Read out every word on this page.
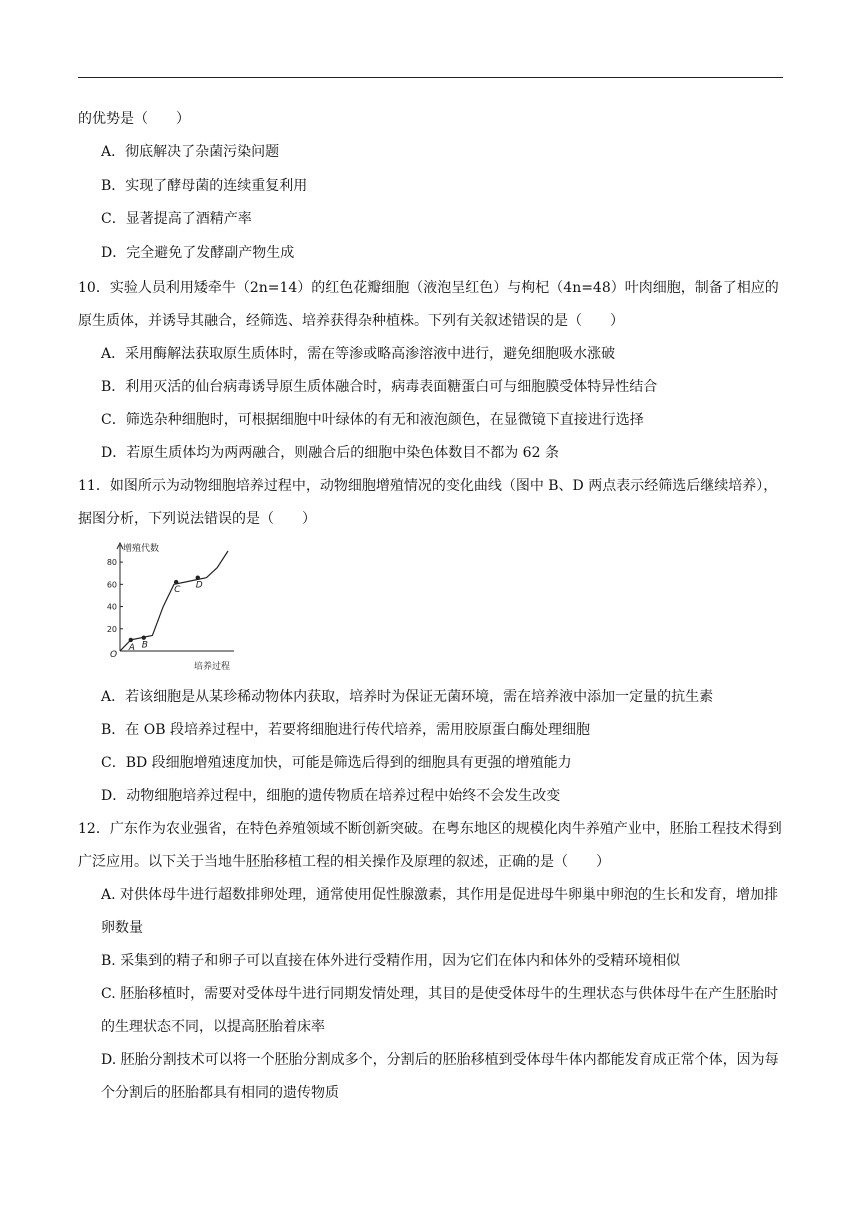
的优势是（　　）
A．彻底解决了杂菌污染问题
B．实现了酵母菌的连续重复利用
C．显著提高了酒精产率
D．完全避免了发酵副产物生成
10．实验人员利用矮牵牛（2n=14）的红色花瓣细胞（液泡呈红色）与枸杞（4n=48）叶肉细胞，制备了相应的原生质体，并诱导其融合，经筛选、培养获得杂种植株。下列有关叙述错误的是（　　）
A．采用酶解法获取原生质体时，需在等渗或略高渗溶液中进行，避免细胞吸水涨破
B．利用灭活的仙台病毒诱导原生质体融合时，病毒表面糖蛋白可与细胞膜受体特异性结合
C．筛选杂种细胞时，可根据细胞中叶绿体的有无和液泡颜色，在显微镜下直接进行选择
D．若原生质体均为两两融合，则融合后的细胞中染色体数目不都为 62 条
11．如图所示为动物细胞培养过程中，动物细胞增殖情况的变化曲线（图中 B、D 两点表示经筛选后继续培养），据图分析，下列说法错误的是（　　）
20
40
60
80
A B
C D
增殖代数
培养过程
O
A．若该细胞是从某珍稀动物体内获取，培养时为保证无菌环境，需在培养液中添加一定量的抗生素
B．在 OB 段培养过程中，若要将细胞进行传代培养，需用胶原蛋白酶处理细胞
C．BD 段细胞增殖速度加快，可能是筛选后得到的细胞具有更强的增殖能力
D．动物细胞培养过程中，细胞的遗传物质在培养过程中始终不会发生改变
12．广东作为农业强省，在特色养殖领域不断创新突破。在粤东地区的规模化肉牛养殖产业中，胚胎工程技术得到广泛应用。以下关于当地牛胚胎移植工程的相关操作及原理的叙述，正确的是（　　）
A. 对供体母牛进行超数排卵处理，通常使用促性腺激素，其作用是促进母牛卵巢中卵泡的生长和发育，增加排卵数量
B. 采集到的精子和卵子可以直接在体外进行受精作用，因为它们在体内和体外的受精环境相似
C. 胚胎移植时，需要对受体母牛进行同期发情处理，其目的是使受体母牛的生理状态与供体母牛在产生胚胎时的生理状态不同，以提高胚胎着床率
D. 胚胎分割技术可以将一个胚胎分割成多个，分割后的胚胎移植到受体母牛体内都能发育成正常个体，因为每个分割后的胚胎都具有相同的遗传物质
